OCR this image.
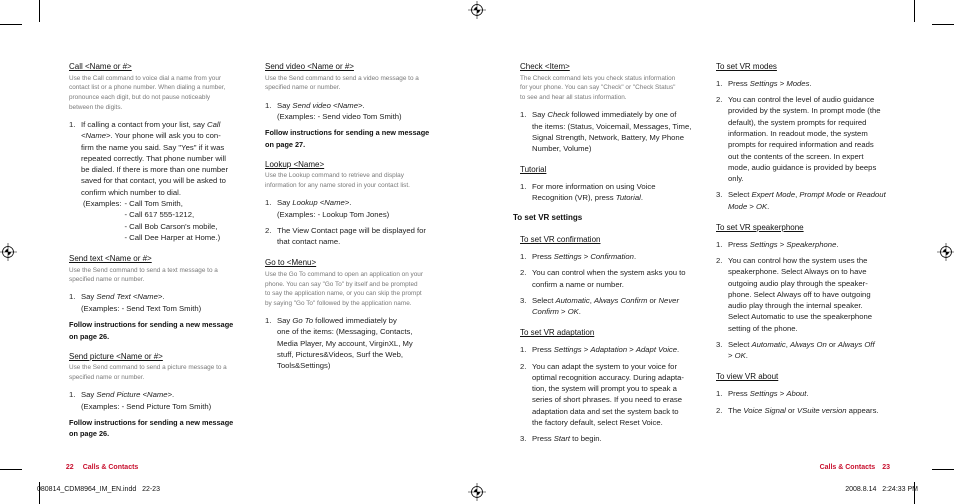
Call <Name or #>
Use the Call command to voice dial a name from your
contact list or a phone number. When dialing a number,
pronounce each digit, but do not pause noticeably
between the digits.
1. If calling a contact from your list, say Call
<Name>. Your phone will ask you to con-
firm the name you said. Say "Yes" if it was
repeated correctly. That phone number will
be dialed. If there is more than one number
saved for that contact, you will be asked to
confirm which number to dial.
(Examples: - Call Tom Smith,
- Call 617 555-1212,
- Call Bob Carson's mobile,
- Call Dee Harper at Home.)
Send text <Name or #>
Use the Send command to send a text message to a
specified name or number.
1. Say Send Text <Name>.
(Examples: - Send Text Tom Smith)
Follow instructions for sending a new message
on page 26.
Send picture <Name or #>
Use the Send command to send a picture message to a
specified name or number.
1. Say Send Picture <Name>.
(Examples: - Send Picture Tom Smith)
Follow instructions for sending a new message
on page 26.
Send video <Name or #>
Use the Send command to send a video message to a
specified name or number.
1. Say Send video <Name>.
(Examples: - Send video Tom Smith)
Follow instructions for sending a new message
on page 27.
Lookup <Name>
Use the Lookup command to retrieve and display
information for any name stored in your contact list.
1. Say Lookup <Name>.
(Examples: - Lookup Tom Jones)
2. The View Contact page will be displayed for
that contact name.
Go to <Menu>
Use the Go To command to open an application on your
phone. You can say "Go To" by itself and be prompted
to say the application name, or you can skip the prompt
by saying "Go To" followed by the application name.
1. Say Go To followed immediately by
one of the items: (Messaging, Contacts,
Media Player, My account, VirginXL, My
stuff, Pictures&Videos, Surf the Web,
Tools&Settings)
Check <Item>
The Check command lets you check status information
for your phone. You can say "Check" or "Check Status"
to see and hear all status information.
1. Say Check followed immediately by one of
the items: (Status, Voicemail, Messages, Time,
Signal Strength, Network, Battery, My Phone
Number, Volume)
Tutorial
1. For more information on using Voice
Recognition (VR), press Tutorial.
To set VR settings
To set VR confirmation
1. Press Settings > Confirmation.
2. You can control when the system asks you to
confirm a name or number.
3. Select Automatic, Always Confirm or Never
Confirm > OK.
To set VR adaptation
1. Press Settings > Adaptation > Adapt Voice.
2. You can adapt the system to your voice for
optimal recognition accuracy. During adapta-
tion, the system will prompt you to speak a
series of short phrases. If you need to erase
adaptation data and set the system back to
the factory default, select Reset Voice.
3. Press Start to begin.
To set VR modes
1. Press Settings > Modes.
2. You can control the level of audio guidance
provided by the system. In prompt mode (the
default), the system prompts for required
information. In readout mode, the system
prompts for required information and reads
out the contents of the screen. In expert
mode, audio guidance is provided by beeps
only.
3. Select Expert Mode, Prompt Mode or Readout
Mode > OK.
To set VR speakerphone
1. Press Settings > Speakerphone.
2. You can control how the system uses the
speakerphone. Select Always on to have
outgoing audio play through the speaker-
phone. Select Always off to have outgoing
audio play through the internal speaker.
Select Automatic to use the speakerphone
setting of the phone.
3. Select Automatic, Always On or Always Off
> OK.
To view VR about
1. Press Settings > About.
2. The Voice Signal or VSuite version appears.

22 Calls & Contacts	Calls & Contacts 23

080814_CDM8964_IM_EN.indd   22-23	2008.8.14   2:24:33 PM
